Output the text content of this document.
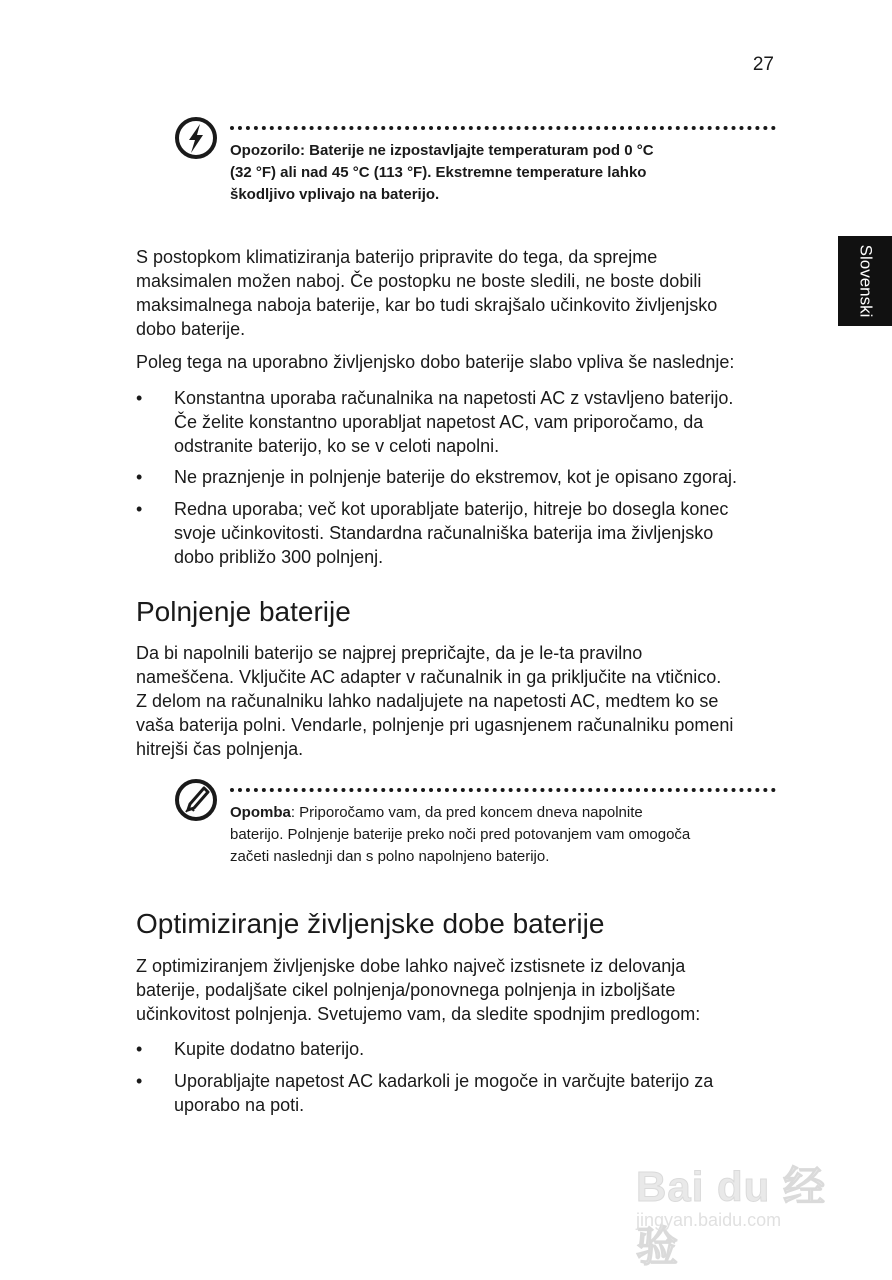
27
Slovenski
Opozorilo: Baterije ne izpostavljajte temperaturam pod 0 °C
(32 °F) ali nad 45 °C (113 °F). Ekstremne temperature lahko
škodljivo vplivajo na baterijo.
S postopkom klimatiziranja baterijo pripravite do tega, da sprejme
maksimalen možen naboj. Če postopku ne boste sledili, ne boste dobili
maksimalnega naboja baterije, kar bo tudi skrajšalo učinkovito življenjsko
dobo baterije.
Poleg tega na uporabno življenjsko dobo baterije slabo vpliva še naslednje:
•	Konstantna uporaba računalnika na napetosti AC z vstavljeno baterijo.
Če želite konstantno uporabljat napetost AC, vam priporočamo, da
odstranite baterijo, ko se v celoti napolni.
•	Ne praznjenje in polnjenje baterije do ekstremov, kot je opisano zgoraj.
•	Redna uporaba; več kot uporabljate baterijo, hitreje bo dosegla konec
svoje učinkovitosti. Standardna računalniška baterija ima življenjsko
dobo približo 300 polnjenj.
Polnjenje baterije
Da bi napolnili baterijo se najprej prepričajte, da je le-ta pravilno
nameščena. Vključite AC adapter v računalnik in ga priključite na vtičnico.
Z delom na računalniku lahko nadaljujete na napetosti AC, medtem ko se
vaša baterija polni. Vendarle, polnjenje pri ugasnjenem računalniku pomeni
hitrejši čas polnjenja.
Opomba: Priporočamo vam, da pred koncem dneva napolnite
baterijo. Polnjenje baterije preko noči pred potovanjem vam omogoča
začeti naslednji dan s polno napolnjeno baterijo.
Optimiziranje življenjske dobe baterije
Z optimiziranjem življenjske dobe lahko največ izstisnete iz delovanja
baterije, podaljšate cikel polnjenja/ponovnega polnjenja in izboljšate
učinkovitost polnjenja. Svetujemo vam, da sledite spodnjim predlogom:
•	Kupite dodatno baterijo.
•	Uporabljajte napetost AC kadarkoli je mogoče in varčujte baterijo za
uporabo na poti.
Bai du 经验
jingyan.baidu.com
